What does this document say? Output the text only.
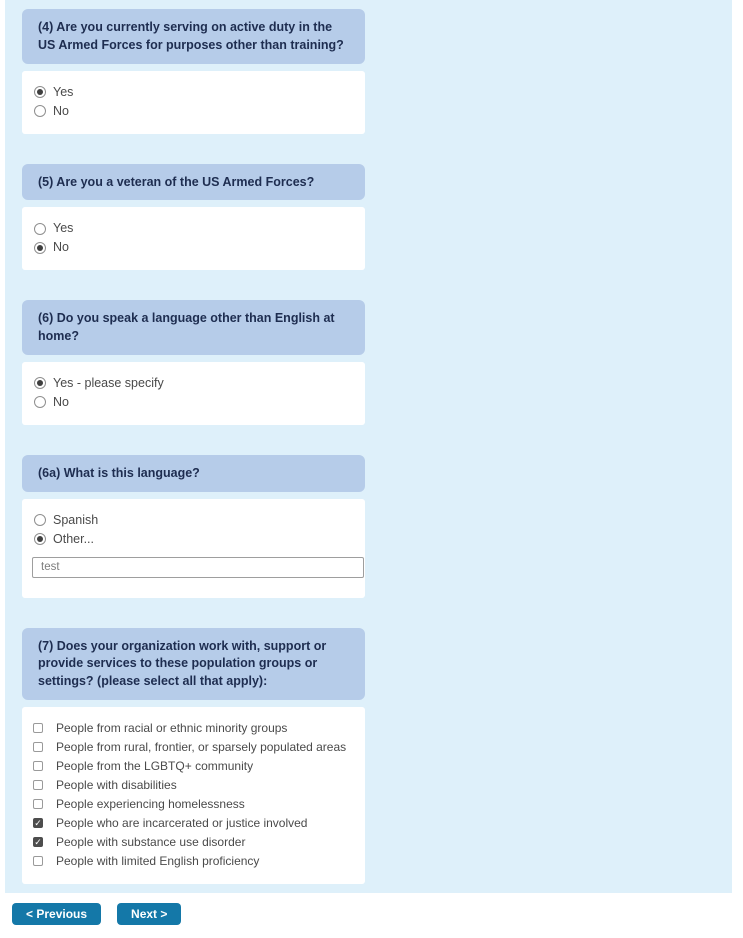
(4) Are you currently serving on active duty in the US Armed Forces for purposes other than training?
Yes
No
(5) Are you a veteran of the US Armed Forces?
Yes
No
(6) Do you speak a language other than English at home?
Yes - please specify
No
(6a) What is this language?
Spanish
Other...
test
(7) Does your organization work with, support or provide services to these population groups or settings? (please select all that apply):
People from racial or ethnic minority groups
People from rural, frontier, or sparsely populated areas
People from the LGBTQ+ community
People with disabilities
People experiencing homelessness
✓
People who are incarcerated or justice involved
✓
People with substance use disorder
People with limited English proficiency
< Previous	Next >
